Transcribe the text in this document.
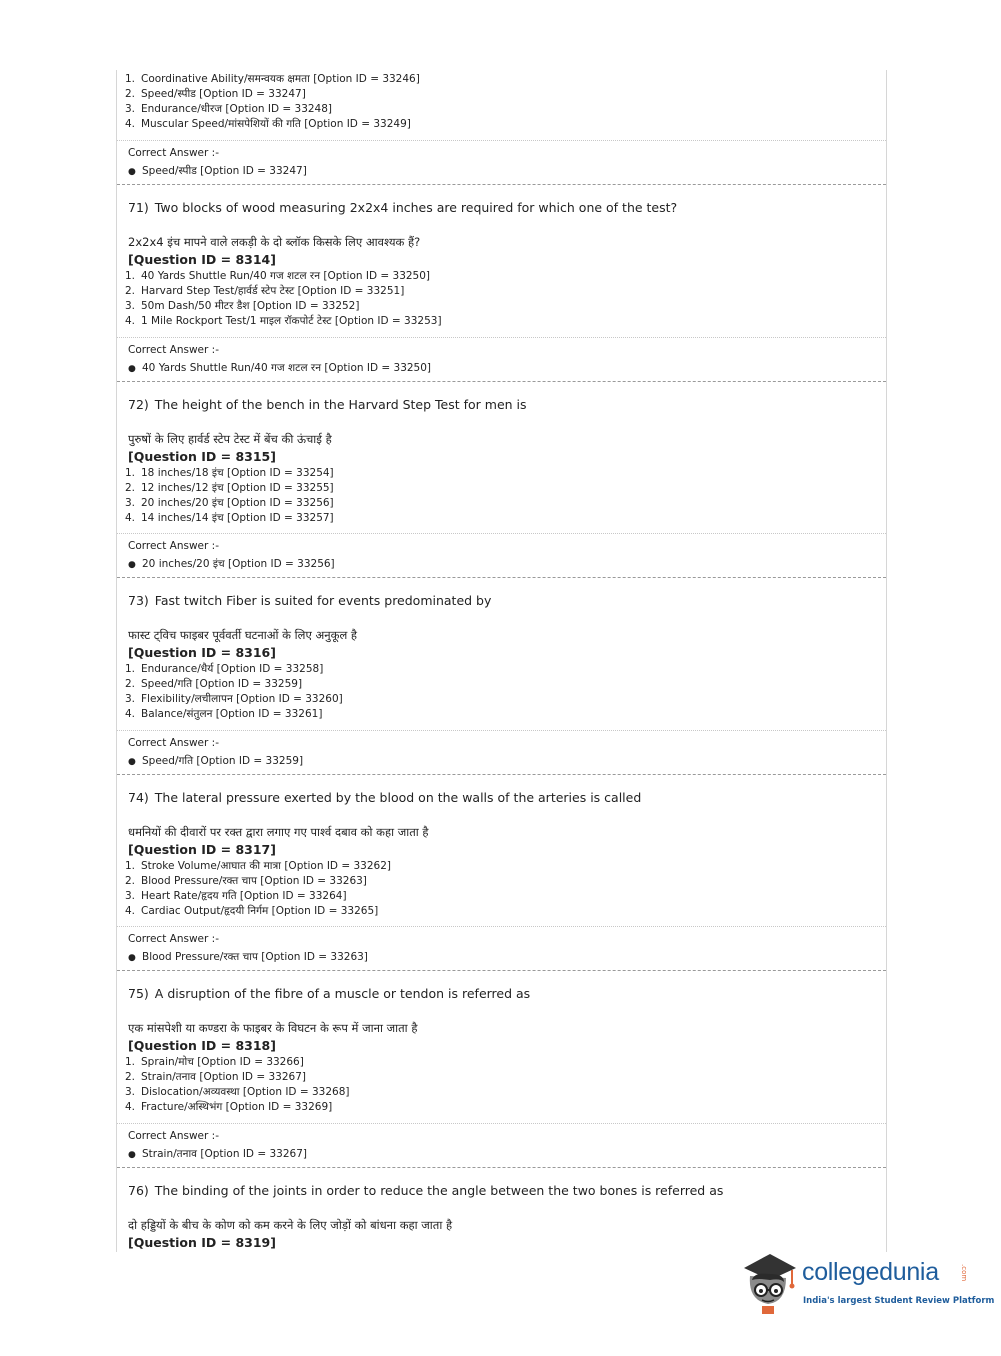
1. Coordinative Ability/समन्वयक क्षमता [Option ID = 33246]
2. Speed/स्पीड [Option ID = 33247]
3. Endurance/धीरज [Option ID = 33248]
4. Muscular Speed/मांसपेशियों की गति [Option ID = 33249]
Correct Answer :-
● Speed/स्पीड [Option ID = 33247]
71) Two blocks of wood measuring 2x2x4 inches are required for which one of the test?
2x2x4 इंच मापने वाले लकड़ी के दो ब्लॉक किसके लिए आवश्यक हैं?
[Question ID = 8314]
1. 40 Yards Shuttle Run/40 गज शटल रन [Option ID = 33250]
2. Harvard Step Test/हार्वर्ड स्टेप टेस्ट [Option ID = 33251]
3. 50m Dash/50 मीटर डैश [Option ID = 33252]
4. 1 Mile Rockport Test/1 माइल रॉकपोर्ट टेस्ट [Option ID = 33253]
Correct Answer :-
● 40 Yards Shuttle Run/40 गज शटल रन [Option ID = 33250]
72) The height of the bench in the Harvard Step Test for men is
पुरुषों के लिए हार्वर्ड स्टेप टेस्ट में बेंच की ऊंचाई है
[Question ID = 8315]
1. 18 inches/18 इंच [Option ID = 33254]
2. 12 inches/12 इंच [Option ID = 33255]
3. 20 inches/20 इंच [Option ID = 33256]
4. 14 inches/14 इंच [Option ID = 33257]
Correct Answer :-
● 20 inches/20 इंच [Option ID = 33256]
73) Fast twitch Fiber is suited for events predominated by
फास्ट ट्विच फाइबर पूर्ववर्ती घटनाओं के लिए अनुकूल है
[Question ID = 8316]
1. Endurance/धैर्य [Option ID = 33258]
2. Speed/गति [Option ID = 33259]
3. Flexibility/लचीलापन [Option ID = 33260]
4. Balance/संतुलन [Option ID = 33261]
Correct Answer :-
● Speed/गति [Option ID = 33259]
74) The lateral pressure exerted by the blood on the walls of the arteries is called
धमनियों की दीवारों पर रक्त द्वारा लगाए गए पार्श्व दबाव को कहा जाता है
[Question ID = 8317]
1. Stroke Volume/आघात की मात्रा [Option ID = 33262]
2. Blood Pressure/रक्त चाप [Option ID = 33263]
3. Heart Rate/हृदय गति [Option ID = 33264]
4. Cardiac Output/हृदयी निर्गम [Option ID = 33265]
Correct Answer :-
● Blood Pressure/रक्त चाप [Option ID = 33263]
75) A disruption of the fibre of a muscle or tendon is referred as
एक मांसपेशी या कण्डरा के फाइबर के विघटन के रूप में जाना जाता है
[Question ID = 8318]
1. Sprain/मोच [Option ID = 33266]
2. Strain/तनाव [Option ID = 33267]
3. Dislocation/अव्यवस्था [Option ID = 33268]
4. Fracture/अस्थिभंग [Option ID = 33269]
Correct Answer :-
● Strain/तनाव [Option ID = 33267]
76) The binding of the joints in order to reduce the angle between the two bones is referred as
दो हड्डियों के बीच के कोण को कम करने के लिए जोड़ों को बांधना कहा जाता है
[Question ID = 8319]
collegedunia	.com
India's largest Student Review Platform
